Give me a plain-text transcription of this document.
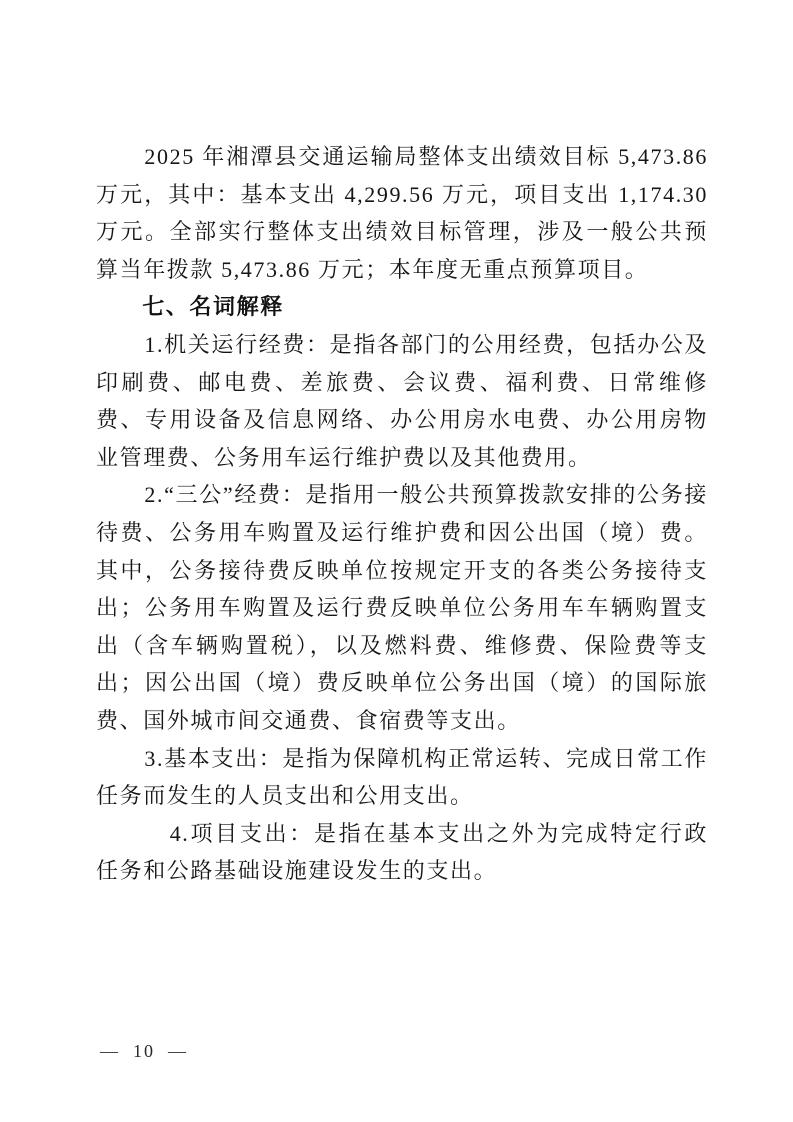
2025 年湘潭县交通运输局整体支出绩效目标 5,473.86 万元，其中：基本支出 4,299.56 万元，项目支出 1,174.30 万元。全部实行整体支出绩效目标管理，涉及一般公共预算当年拨款 5,473.86 万元；本年度无重点预算项目。

七、名词解释

1.机关运行经费：是指各部门的公用经费，包括办公及印刷费、邮电费、差旅费、会议费、福利费、日常维修费、专用设备及信息网络、办公用房水电费、办公用房物业管理费、公务用车运行维护费以及其他费用。

2.“三公”经费：是指用一般公共预算拨款安排的公务接待费、公务用车购置及运行维护费和因公出国（境）费。其中，公务接待费反映单位按规定开支的各类公务接待支出；公务用车购置及运行费反映单位公务用车车辆购置支出（含车辆购置税），以及燃料费、维修费、保险费等支出；因公出国（境）费反映单位公务出国（境）的国际旅费、国外城市间交通费、食宿费等支出。

3.基本支出：是指为保障机构正常运转、完成日常工作任务而发生的人员支出和公用支出。

4.项目支出：是指在基本支出之外为完成特定行政任务和公路基础设施建设发生的支出。

—  10  —
